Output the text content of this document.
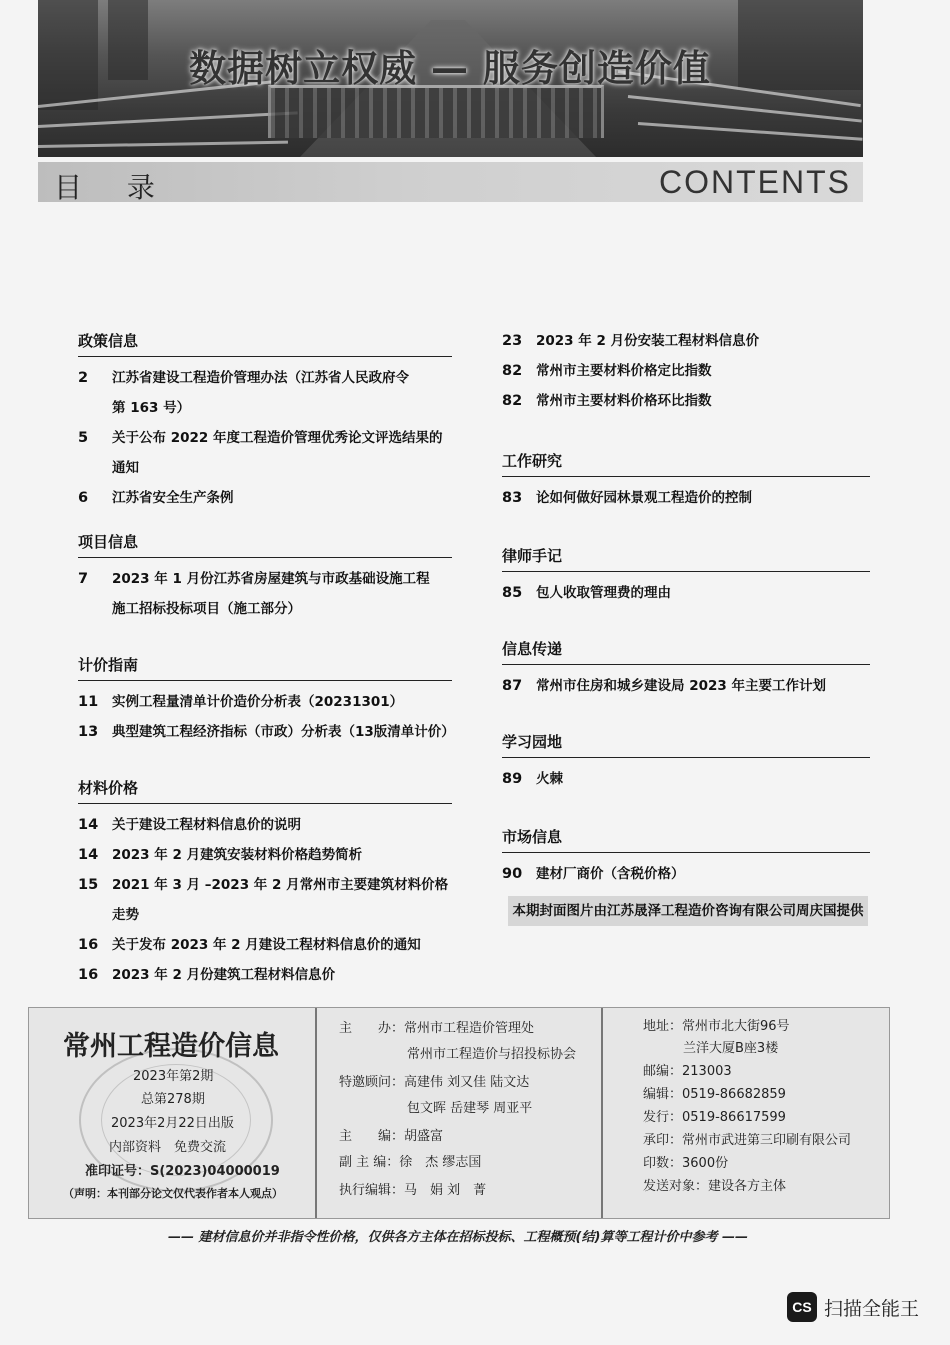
数据树立权威 — 服务创造价值
目 录	CONTENTS
政策信息
2	江苏省建设工程造价管理办法（江苏省人民政府令
第 163 号）
5	关于公布 2022 年度工程造价管理优秀论文评选结果的通知
6	江苏省安全生产条例
项目信息
7	2023 年 1 月份江苏省房屋建筑与市政基础设施工程
施工招标投标项目（施工部分）
计价指南
11	实例工程量清单计价造价分析表（20231301）
13	典型建筑工程经济指标（市政）分析表（13版清单计价）
材料价格
14	关于建设工程材料信息价的说明
14	2023 年 2 月建筑安装材料价格趋势简析
15	2021 年 3 月 –2023 年 2 月常州市主要建筑材料价格走势
16	关于发布 2023 年 2 月建设工程材料信息价的通知
16	2023 年 2 月份建筑工程材料信息价
23	2023 年 2 月份安装工程材料信息价
82	常州市主要材料价格定比指数
82	常州市主要材料价格环比指数
工作研究
83	论如何做好园林景观工程造价的控制
律师手记
85	包人收取管理费的理由
信息传递
87	常州市住房和城乡建设局 2023 年主要工作计划
学习园地
89	火棘
市场信息
90	建材厂商价（含税价格）
本期封面图片由江苏晟泽工程造价咨询有限公司周庆国提供
常州工程造价信息
2023年第2期
总第278期
2023年2月22日出版
内部资料　免费交流
准印证号：S(2023)04000019
（声明：本刊部分论文仅代表作者本人观点）
主　　办：常州市工程造价管理处
常州市工程造价与招投标协会
特邀顾问：高建伟 刘又佳 陆文达
包文晖 岳建琴 周亚平
主　　编：胡盛富
副 主 编：徐　杰 缪志国
执行编辑：马　娟 刘　菁
地址：常州市北大街96号
兰洋大厦B座3楼
邮编：213003
编辑：0519-86682859
发行：0519-86617599
承印：常州市武进第三印刷有限公司
印数：3600份
发送对象：建设各方主体
—— 建材信息价并非指令性价格，仅供各方主体在招标投标、工程概预(结)算等工程计价中参考 ——
CS 扫描全能王
